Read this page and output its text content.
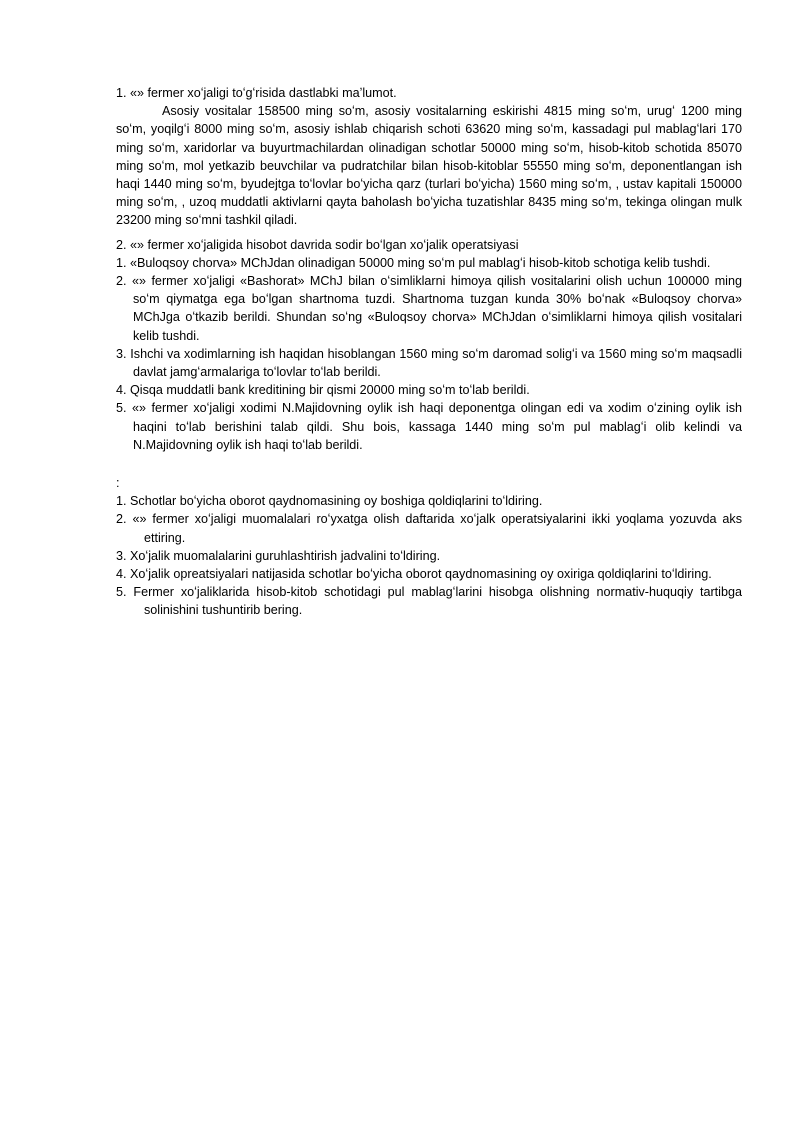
1. «» fermer xoʻjaligi toʻgʻrisida dastlabki maʼlumot.

Asosiy vositalar 158500 ming soʻm, asosiy vositalarning eskirishi 4815 ming soʻm, urugʻ 1200 ming soʻm, yoqilgʻi 8000 ming soʻm, asosiy ishlab chiqarish schoti 63620 ming soʻm, kassadagi pul mablagʻlari 170 ming soʻm, xaridorlar va buyurtmachilardan olinadigan schotlar 50000 ming soʻm, hisob-kitob schotida 85070 ming soʻm, mol yetkazib beuvchilar va pudratchilar bilan hisob-kitoblar 55550 ming soʻm, deponentlangan ish haqi 1440 ming soʻm, byudejtga toʻlovlar boʻyicha qarz (turlari boʻyicha) 1560 ming soʻm, , ustav kapitali 150000 ming soʻm, , uzoq muddatli aktivlarni qayta baholash boʻyicha tuzatishlar 8435 ming soʻm, tekinga olingan mulk 23200 ming soʻmni tashkil qiladi.

2. «» fermer xoʻjaligida hisobot davrida sodir boʻlgan xoʻjalik operatsiyasi

1. «Buloqsoy chorva» MChJdan olinadigan 50000 ming soʻm pul mablagʻi hisob-kitob schotiga kelib tushdi.
2. «» fermer xoʻjaligi «Bashorat» MChJ bilan oʻsimliklarni himoya qilish vositalarini olish uchun 100000 ming soʻm qiymatga ega boʻlgan shartnoma tuzdi. Shartnoma tuzgan kunda 30% boʻnak «Buloqsoy chorva» MChJga oʻtkazib berildi. Shundan soʻng «Buloqsoy chorva» MChJdan oʻsimliklarni himoya qilish vositalari kelib tushdi.
3. Ishchi va xodimlarning ish haqidan hisoblangan 1560 ming soʻm daromad soligʻi va 1560 ming soʻm maqsadli davlat jamgʻarmalariga toʻlovlar toʻlab berildi.
4. Qisqa muddatli bank kreditining bir qismi 20000 ming soʻm toʻlab berildi.
5. «» fermer xoʻjaligi xodimi N.Majidovning oylik ish haqi deponentga olingan edi va xodim oʻzining oylik ish haqini toʻlab berishini talab qildi. Shu bois, kassaga 1440 ming soʻm pul mablagʻi olib kelindi va N.Majidovning oylik ish haqi toʻlab berildi.

:

1. Schotlar boʻyicha oborot qaydnomasining oy boshiga qoldiqlarini toʻldiring.
2. «» fermer xoʻjaligi muomalalari roʻyxatga olish daftarida xoʻjalk operatsiyalarini ikki yoqlama yozuvda aks ettiring.
3. Xoʻjalik muomalalarini guruhlashtirish jadvalini toʻldiring.
4. Xoʻjalik opreatsiyalari natijasida schotlar boʻyicha oborot qaydnomasining oy oxiriga qoldiqlarini toʻldiring.
5. Fermer xoʻjaliklarida hisob-kitob schotidagi pul mablagʻlarini hisobga olishning normativ-huquqiy tartibga solinishini tushuntirib bering.
